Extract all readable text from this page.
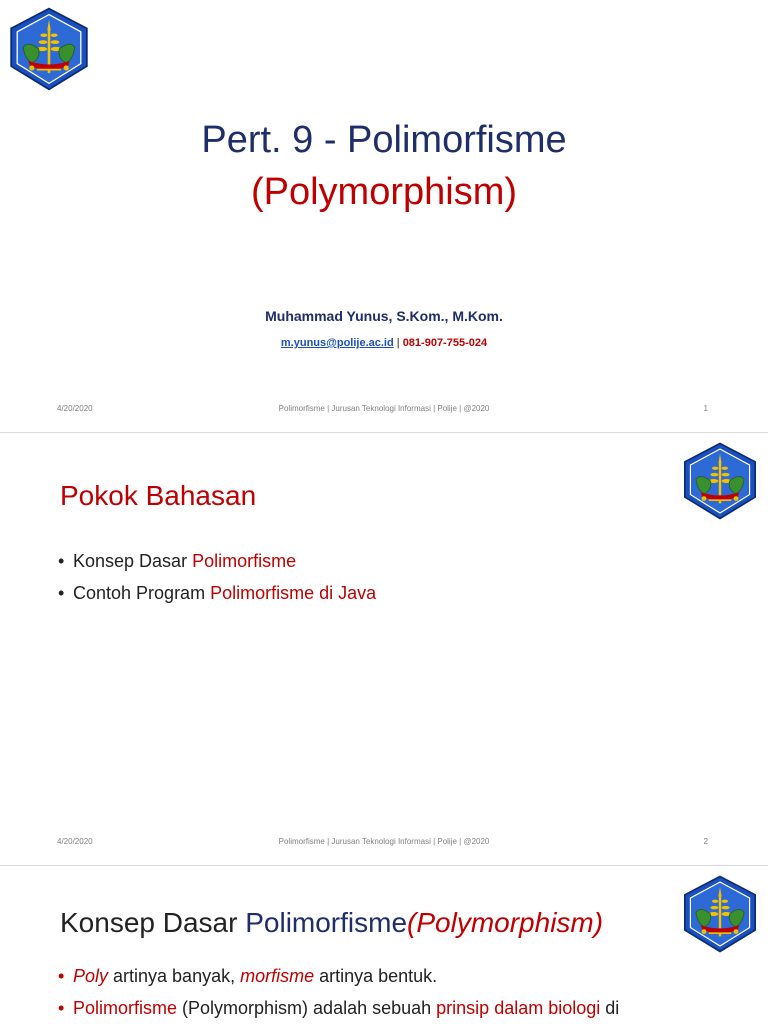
Pert. 9 - Polimorfisme
(Polymorphism)
Muhammad Yunus, S.Kom., M.Kom.
m.yunus@polije.ac.id | 081-907-755-024
4/20/2020	Polimorfisme | Jurusan Teknologi Informasi | Polije | @2020	1
Pokok Bahasan
• Konsep Dasar Polimorfisme
• Contoh Program Polimorfisme di Java
4/20/2020	Polimorfisme | Jurusan Teknologi Informasi | Polije | @2020	2
Konsep Dasar Polimorfisme(Polymorphism)
• Poly artinya banyak, morfisme artinya bentuk.
• Polimorfisme (Polymorphism) adalah sebuah prinsip dalam biologi di
